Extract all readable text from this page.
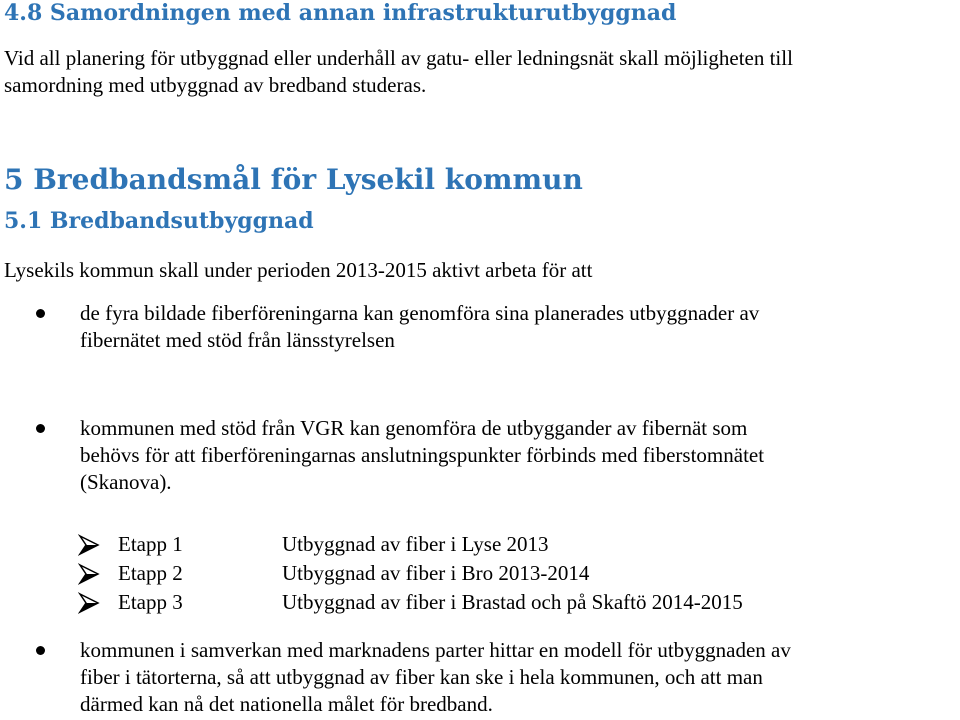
4.8 Samordningen med annan infrastrukturutbyggnad

Vid all planering för utbyggnad eller underhåll av gatu- eller ledningsnät skall möjligheten till

samordning med utbyggnad av bredband studeras.

5 Bredbandsmål för Lysekil kommun
5.1 Bredbandsutbyggnad

Lysekils kommun skall under perioden 2013-2015 aktivt arbeta för att

de fyra bildade fiberföreningarna kan genomföra sina planerades utbyggnader av

fibernätet med stöd från länsstyrelsen

kommunen med stöd från VGR kan genomföra de utbyggander av fibernät som

behövs för att fiberföreningarnas anslutningspunkter förbinds med fiberstomnätet

(Skanova).

Etapp 1	Utbyggnad av fiber i Lyse 2013
Etapp 2	Utbyggnad av fiber i Bro 2013-2014
Etapp 3	Utbyggnad av fiber i Brastad och på Skaftö 2014-2015

kommunen i samverkan med marknadens parter hittar en modell för utbyggnaden av

fiber i tätorterna, så att utbyggnad av fiber kan ske i hela kommunen, och att man

därmed kan nå det nationella målet för bredband.
